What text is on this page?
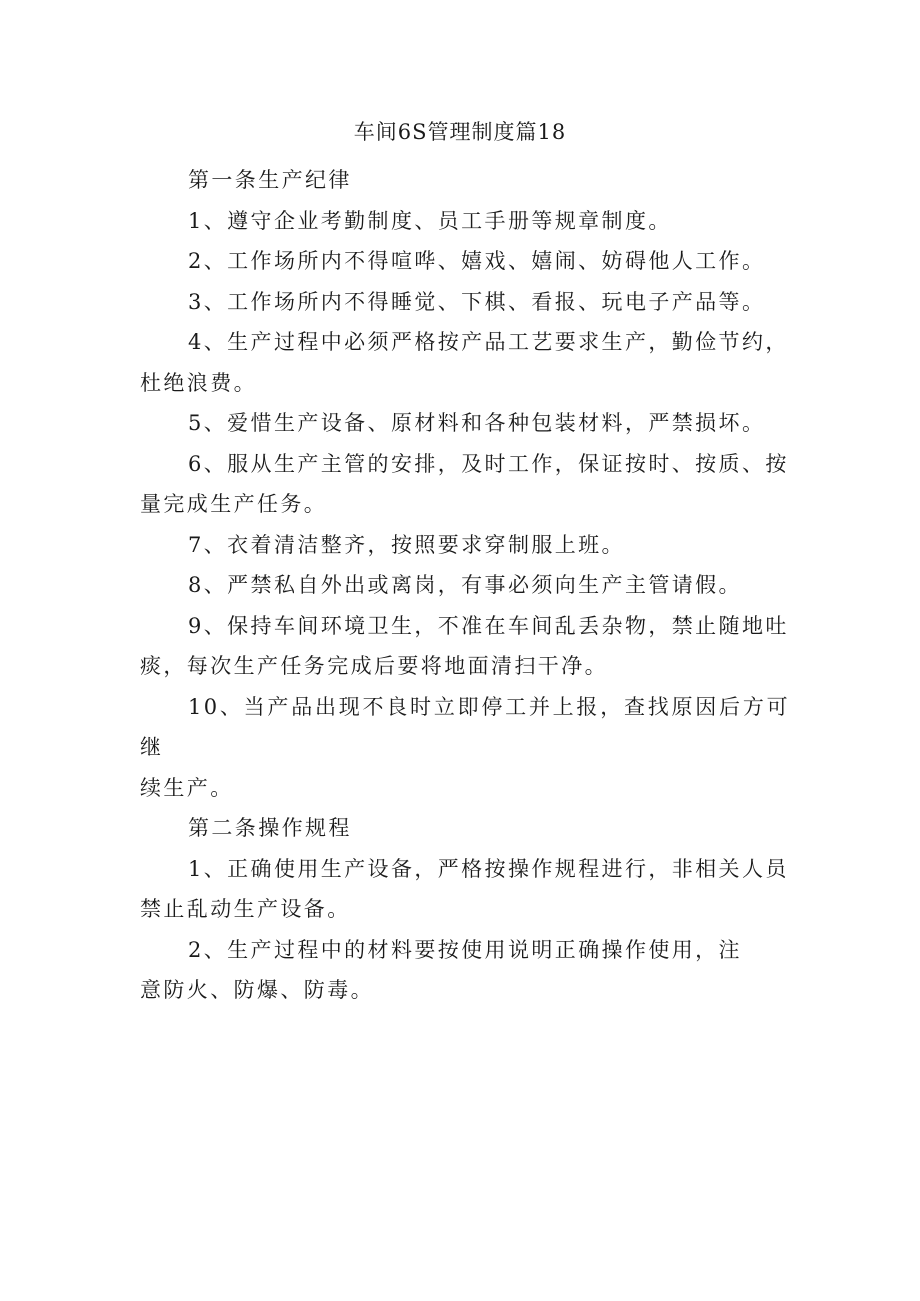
车间6S管理制度篇18

第一条生产纪律

1、遵守企业考勤制度、员工手册等规章制度。

2、工作场所内不得喧哗、嬉戏、嬉闹、妨碍他人工作。

3、工作场所内不得睡觉、下棋、看报、玩电子产品等。

4、生产过程中必须严格按产品工艺要求生产，勤俭节约，
杜绝浪费。

5、爱惜生产设备、原材料和各种包装材料，严禁损坏。

6、服从生产主管的安排，及时工作，保证按时、按质、按
量完成生产任务。

7、衣着清洁整齐，按照要求穿制服上班。

8、严禁私自外出或离岗，有事必须向生产主管请假。

9、保持车间环境卫生，不准在车间乱丢杂物，禁止随地吐
痰，每次生产任务完成后要将地面清扫干净。

10、当产品出现不良时立即停工并上报，查找原因后方可继
续生产。

第二条操作规程

1、正确使用生产设备，严格按操作规程进行，非相关人员
禁止乱动生产设备。

2、生产过程中的材料要按使用说明正确操作使用，注
意防火、防爆、防毒。
